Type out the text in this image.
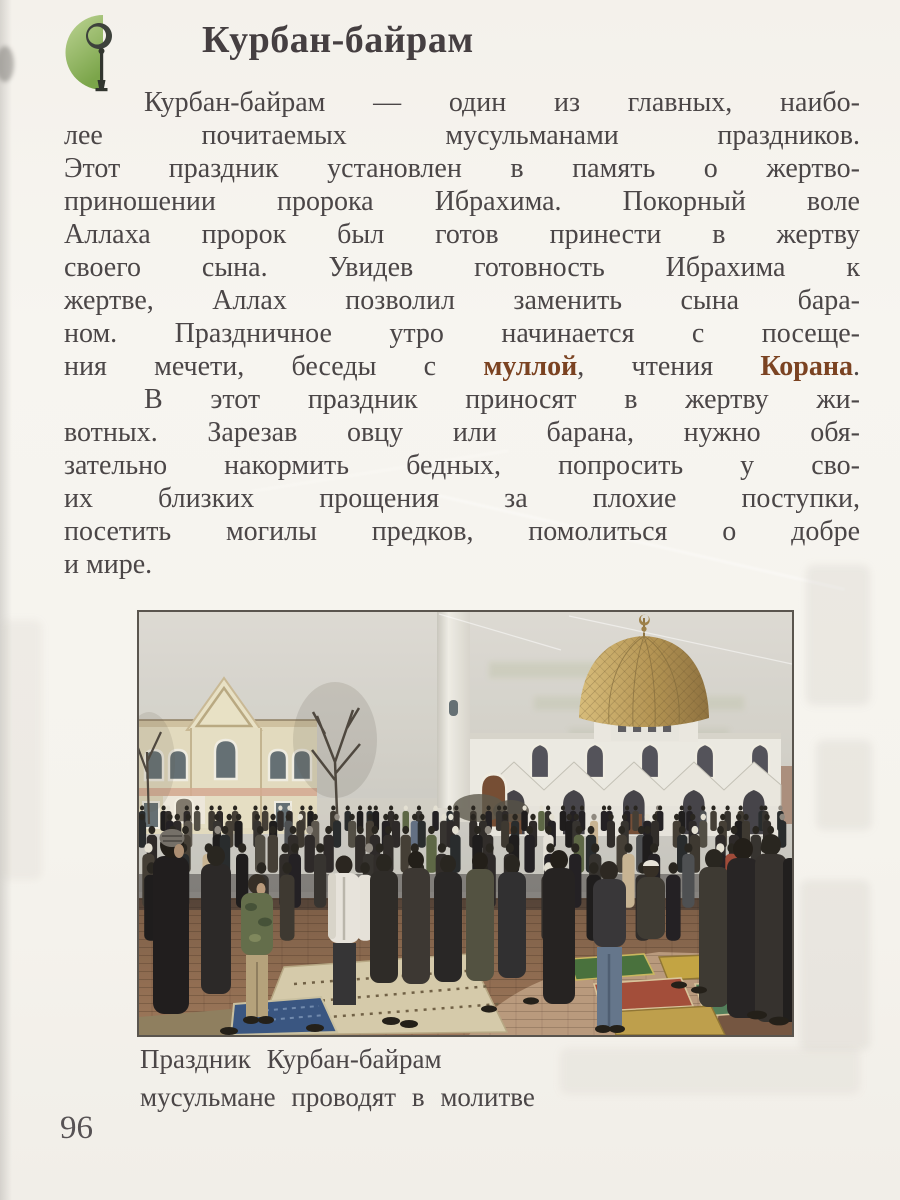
Курбан-байрам
Курбан-байрам — один из главных, наибо-
лее почитаемых мусульманами праздников.
Этот праздник установлен в память о жертво-
приношении пророка Ибрахима. Покорный воле
Аллаха пророк был готов принести в жертву
своего сына. Увидев готовность Ибрахима к
жертве, Аллах позволил заменить сына бара-
ном. Праздничное утро начинается с посеще-
ния мечети, беседы с муллой, чтения Корана.
В этот праздник приносят в жертву жи-
вотных. Зарезав овцу или барана, нужно обя-
зательно накормить бедных, попросить у сво-
их близких прощения за плохие поступки,
посетить могилы предков, помолиться о добре
и мире.
Праздник Курбан-байрам
мусульмане проводят в молитве
96
